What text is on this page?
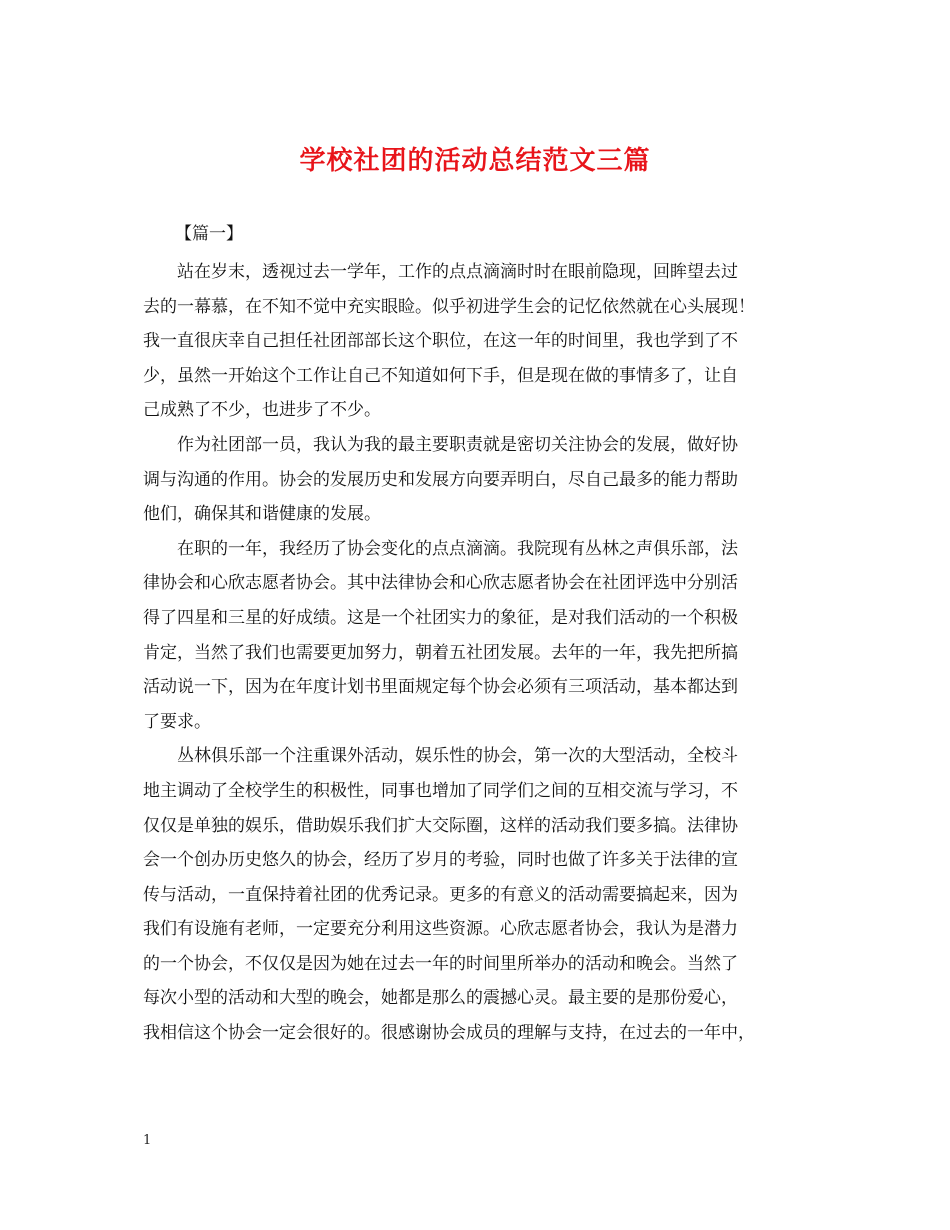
学校社团的活动总结范文三篇
【篇一】

站在岁末，透视过去一学年，工作的点点滴滴时时在眼前隐现，回眸望去过
去的一幕慕，在不知不觉中充实眼睑。似乎初进学生会的记忆依然就在心头展现！
我一直很庆幸自己担任社团部部长这个职位，在这一年的时间里，我也学到了不
少，虽然一开始这个工作让自己不知道如何下手，但是现在做的事情多了，让自
己成熟了不少，也进步了不少。

作为社团部一员，我认为我的最主要职责就是密切关注协会的发展，做好协
调与沟通的作用。协会的发展历史和发展方向要弄明白，尽自己最多的能力帮助
他们，确保其和谐健康的发展。

在职的一年，我经历了协会变化的点点滴滴。我院现有丛林之声俱乐部，法
律协会和心欣志愿者协会。其中法律协会和心欣志愿者协会在社团评选中分别活
得了四星和三星的好成绩。这是一个社团实力的象征，是对我们活动的一个积极
肯定，当然了我们也需要更加努力，朝着五社团发展。去年的一年，我先把所搞
活动说一下，因为在年度计划书里面规定每个协会必须有三项活动，基本都达到
了要求。

丛林俱乐部一个注重课外活动，娱乐性的协会，第一次的大型活动，全校斗
地主调动了全校学生的积极性，同事也增加了同学们之间的互相交流与学习，不
仅仅是单独的娱乐，借助娱乐我们扩大交际圈，这样的活动我们要多搞。法律协
会一个创办历史悠久的协会，经历了岁月的考验，同时也做了许多关于法律的宣
传与活动，一直保持着社团的优秀记录。更多的有意义的活动需要搞起来，因为
我们有设施有老师，一定要充分利用这些资源。心欣志愿者协会，我认为是潜力
的一个协会，不仅仅是因为她在过去一年的时间里所举办的活动和晚会。当然了
每次小型的活动和大型的晚会，她都是那么的震撼心灵。最主要的是那份爱心，
我相信这个协会一定会很好的。很感谢协会成员的理解与支持，在过去的一年中，

1
